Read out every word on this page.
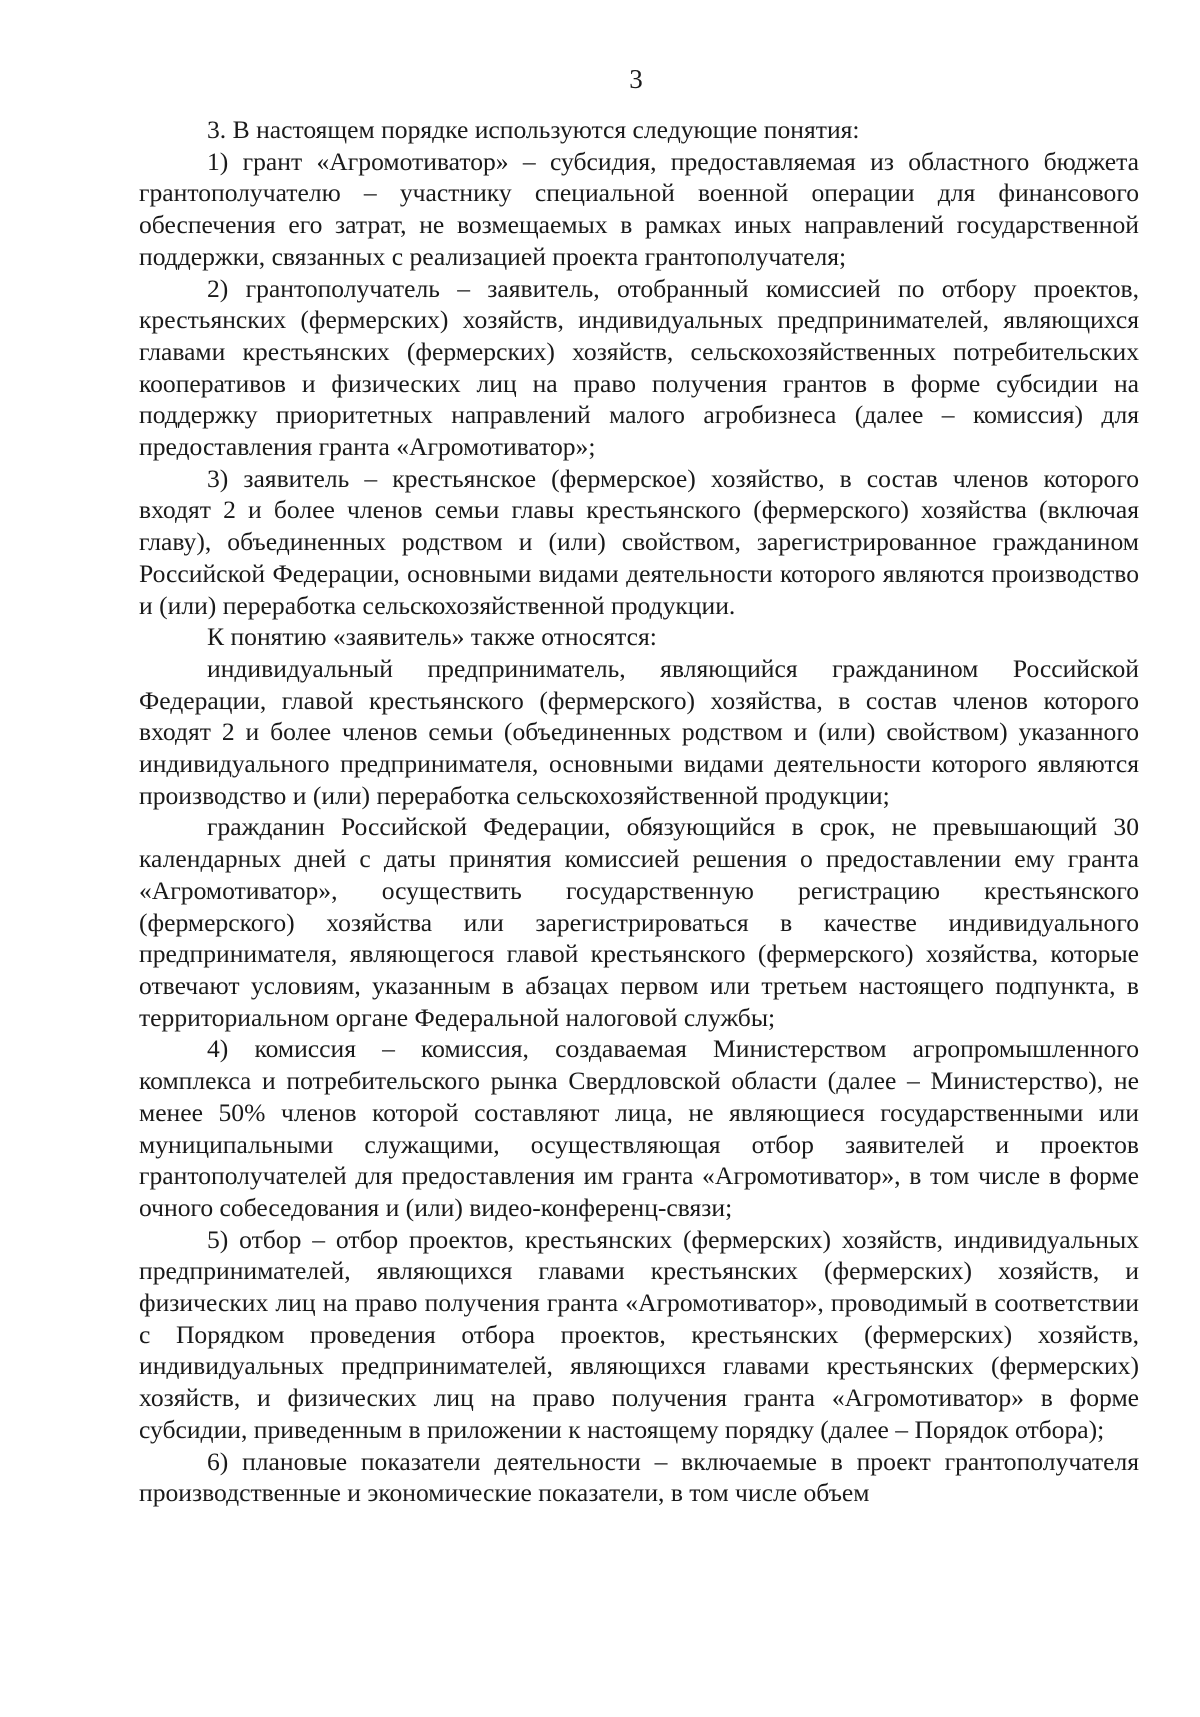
3

3. В настоящем порядке используются следующие понятия:

1) грант «Агромотиватор» – субсидия, предоставляемая из областного бюджета грантополучателю – участнику специальной военной операции для финансового обеспечения его затрат, не возмещаемых в рамках иных направлений государственной поддержки, связанных с реализацией проекта грантополучателя;

2) грантополучатель – заявитель, отобранный комиссией по отбору проектов, крестьянских (фермерских) хозяйств, индивидуальных предпринимателей, являющихся главами крестьянских (фермерских) хозяйств, сельскохозяйственных потребительских кооперативов и физических лиц на право получения грантов в форме субсидии на поддержку приоритетных направлений малого агробизнеса (далее – комиссия) для предоставления гранта «Агромотиватор»;

3) заявитель – крестьянское (фермерское) хозяйство, в состав членов которого входят 2 и более членов семьи главы крестьянского (фермерского) хозяйства (включая главу), объединенных родством и (или) свойством, зарегистрированное гражданином Российской Федерации, основными видами деятельности которого являются производство и (или) переработка сельскохозяйственной продукции.

К понятию «заявитель» также относятся:

индивидуальный предприниматель, являющийся гражданином Российской Федерации, главой крестьянского (фермерского) хозяйства, в состав членов которого входят 2 и более членов семьи (объединенных родством и (или) свойством) указанного индивидуального предпринимателя, основными видами деятельности которого являются производство и (или) переработка сельскохозяйственной продукции;

гражданин Российской Федерации, обязующийся в срок, не превышающий 30 календарных дней с даты принятия комиссией решения о предоставлении ему гранта «Агромотиватор», осуществить государственную регистрацию крестьянского (фермерского) хозяйства или зарегистрироваться в качестве индивидуального предпринимателя, являющегося главой крестьянского (фермерского) хозяйства, которые отвечают условиям, указанным в абзацах первом или третьем настоящего подпункта, в территориальном органе Федеральной налоговой службы;

4) комиссия – комиссия, создаваемая Министерством агропромышленного комплекса и потребительского рынка Свердловской области (далее – Министерство), не менее 50% членов которой составляют лица, не являющиеся государственными или муниципальными служащими, осуществляющая отбор заявителей и проектов грантополучателей для предоставления им гранта «Агромотиватор», в том числе в форме очного собеседования и (или) видео-конференц-связи;

5) отбор – отбор проектов, крестьянских (фермерских) хозяйств, индивидуальных предпринимателей, являющихся главами крестьянских (фермерских) хозяйств, и физических лиц на право получения гранта «Агромотиватор», проводимый в соответствии с Порядком проведения отбора проектов, крестьянских (фермерских) хозяйств, индивидуальных предпринимателей, являющихся главами крестьянских (фермерских) хозяйств, и физических лиц на право получения гранта «Агромотиватор» в форме субсидии, приведенным в приложении к настоящему порядку (далее – Порядок отбора);

6) плановые показатели деятельности – включаемые в проект грантополучателя производственные и экономические показатели, в том числе объем
